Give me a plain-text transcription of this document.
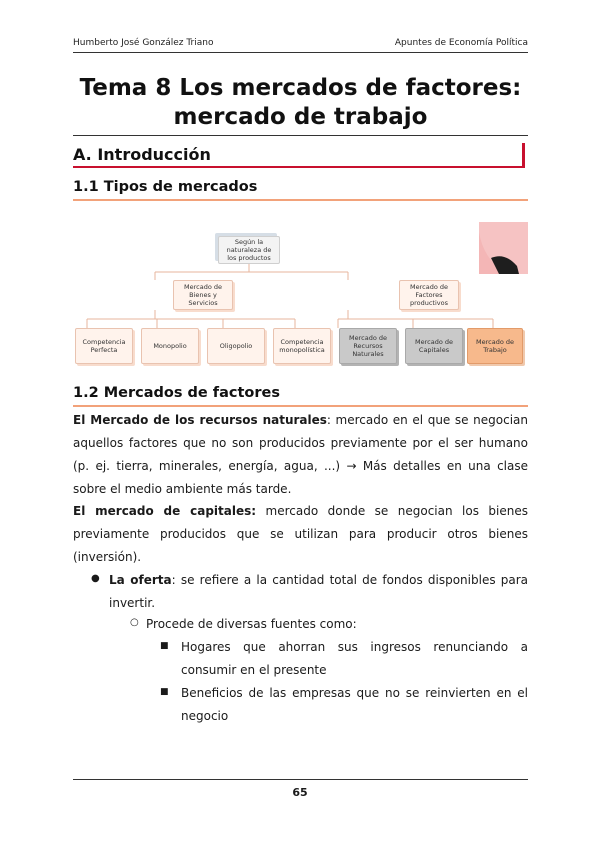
Humberto José González Triano	Apuntes de Economía Política
Tema 8 Los mercados de factores:
mercado de trabajo
A. Introducción
1.1 Tipos de mercados
Según la
naturaleza de
los productos
Mercado de
Bienes y
Servicios
Mercado de
Factores
productivos
Competencia
Perfecta	Monopolio	Oligopolio	Competencia
monopolística
Mercado de
Recursos
Naturales
Mercado de
Capitales
Mercado de
Trabajo
1.2 Mercados de factores
El Mercado de los recursos naturales: mercado en el que se negocian aquellos factores que no son producidos previamente por el ser humano (p. ej. tierra, minerales, energía, agua, ...) → Más detalles en una clase sobre el medio ambiente más tarde.
El mercado de capitales: mercado donde se negocian los bienes previamente producidos que se utilizan para producir otros bienes (inversión).
● La oferta: se refiere a la cantidad total de fondos disponibles para invertir.
○ Procede de diversas fuentes como:
■ Hogares que ahorran sus ingresos renunciando a consumir en el presente
■ Beneficios de las empresas que no se reinvierten en el negocio
65
